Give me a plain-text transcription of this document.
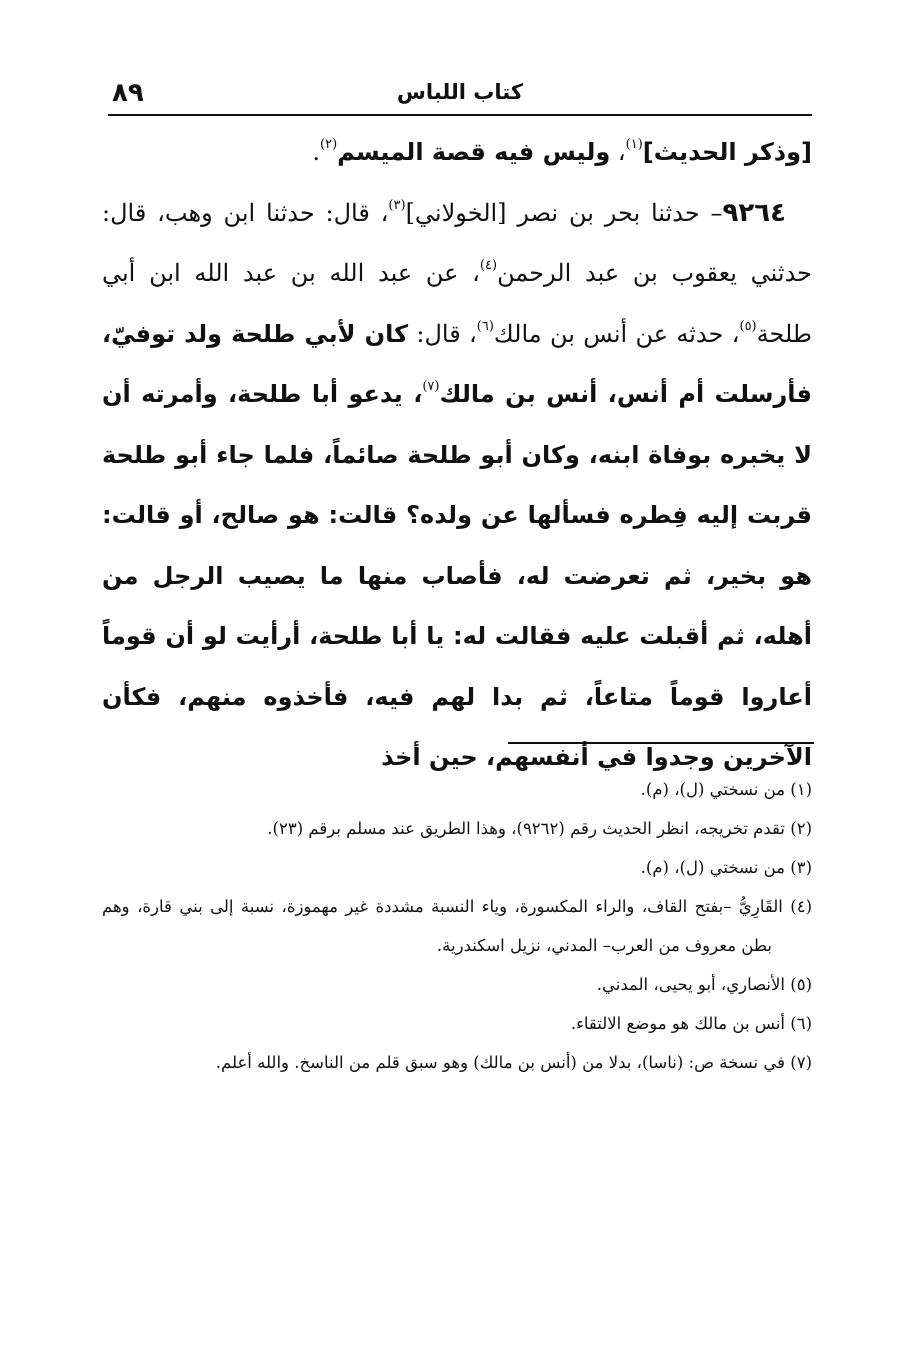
٨٩	كتاب اللباس

[وذكر الحديث]$^{(١)}$، وليس فيه قصة الميسم$^{(٢)}$.

٩٢٦٤– حدثنا بحر بن نصر [الخولاني]$^{(٣)}$، قال: حدثنا ابن وهب، قال: حدثني يعقوب بن عبد الرحمن$^{(٤)}$، عن عبد الله بن عبد الله ابن أبي طلحة$^{(٥)}$، حدثه عن أنس بن مالك$^{(٦)}$، قال: كان لأبي طلحة ولد توفيّ، فأرسلت أم أنس، أنس بن مالك$^{(٧)}$، يدعو أبا طلحة، وأمرته أن لا يخبره بوفاة ابنه، وكان أبو طلحة صائماً، فلما جاء أبو طلحة قربت إليه فِطره فسألها عن ولده؟ قالت: هو صالح، أو قالت: هو بخير، ثم تعرضت له، فأصاب منها ما يصيب الرجل من أهله، ثم أقبلت عليه فقالت له: يا أبا طلحة، أرأيت لو أن قوماً أعاروا قوماً متاعاً، ثم بدا لهم فيه، فأخذوه منهم، فكأن الآخرين وجدوا في أنفسهم، حين أخذ

(١) من نسختي (ل)، (م).

(٢) تقدم تخريجه، انظر الحديث رقم (٩٢٦٢)، وهذا الطريق عند مسلم برقم (٢٣).

(٣) من نسختي (ل)، (م).

(٤) القَارِيُّ –بفتح القاف، والراء المكسورة، وياء النسبة مشددة غير مهموزة، نسبة إلى بني قارة، وهم بطن معروف من العرب– المدني، نزيل اسكندرية.

(٥) الأنصاري، أبو يحيى، المدني.

(٦) أنس بن مالك هو موضع الالتقاء.

(٧) في نسخة ص: (ناسا)، بدلا من (أنس بن مالك) وهو سبق قلم من الناسخ. والله أعلم.
